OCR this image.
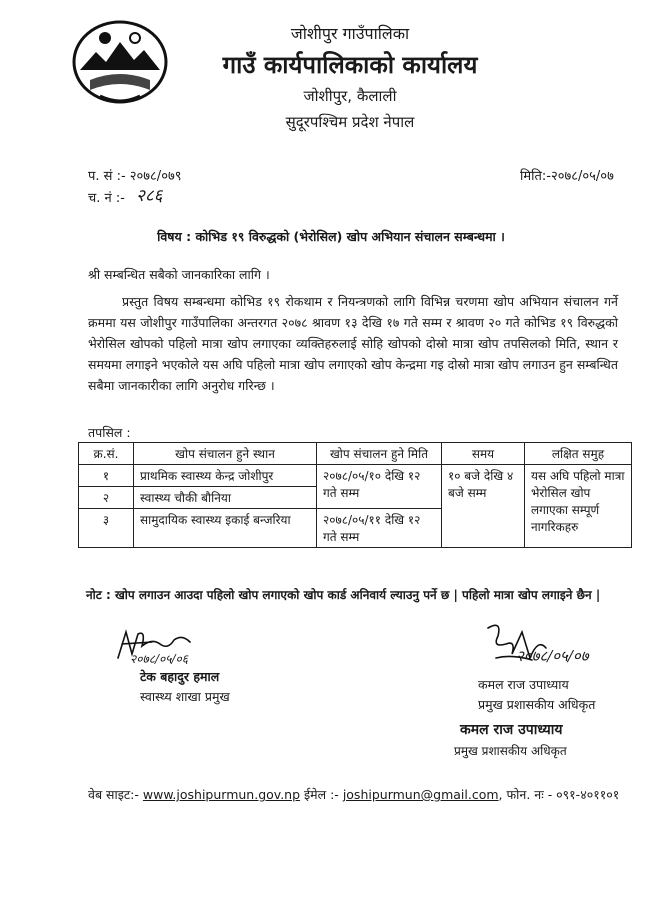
जोशीपुर गाउँपालिका
गाउँ कार्यपालिकाको कार्यालय
जोशीपुर, कैलाली
सुदूरपश्चिम प्रदेश नेपाल
प. सं :- २०७८/०७९
च. नं :- २८६
मिति:-२०७८/०५/०७
विषय : कोभिड १९ विरुद्धको (भेरोसिल) खोप अभियान संचालन सम्बन्धमा ।
श्री सम्बन्धित सबैको जानकारिका लागि ।
प्रस्तुत विषय सम्बन्धमा कोभिड १९ रोकथाम र नियन्त्रणको लागि विभिन्न चरणमा खोप अभियान संचालन गर्ने क्रममा यस जोशीपुर गाउँपालिका अन्तरगत २०७८ श्रावण १३ देखि १७ गते सम्म र श्रावण २० गते कोभिड १९ विरुद्धको भेरोसिल खोपको पहिलो मात्रा खोप लगाएका व्यक्तिहरुलाई सोहि खोपको दोस्रो मात्रा खोप तपसिलको मिति, स्थान र समयमा लगाइने भएकोले यस अघि पहिलो मात्रा खोप लगाएको खोप केन्द्रमा गइ दोस्रो मात्रा खोप लगाउन हुन सम्बन्धित सबैमा जानकारीका लागि अनुरोध गरिन्छ ।
तपसिल :
क्र.सं.	खोप संचालन हुने स्थान	खोप संचालन हुने मिति	समय	लक्षित समुह
१	प्राथमिक स्वास्थ्य केन्द्र जोशीपुर	२०७८/०५/१० देखि १२ गते सम्म	१० बजे देखि ४ बजे सम्म	यस अघि पहिलो मात्रा भेरोसिल खोप लगाएका सम्पूर्ण नागरिकहरु
२	स्वास्थ्य चौकी बौनिया			
३	सामुदायिक स्वास्थ्य इकाई बन्जरिया	२०७८/०५/११ देखि १२ गते सम्म		
नोट : खोप लगाउन आउदा पहिलो खोप लगाएको खोप कार्ड अनिवार्य ल्याउनु पर्ने छ | पहिलो मात्रा खोप लगाइने छैन |
२०७८/०५/०६
टेक बहादुर हमाल
स्वास्थ्य शाखा प्रमुख
२०७८/०५/०७
कमल राज उपाध्याय
प्रमुख प्रशासकीय अधिकृत
कमल राज उपाध्याय
प्रमुख प्रशासकीय अधिकृत
वेब साइट:- www.joshipurmun.gov.np ईमेल :- joshipurmun@gmail.com, फोन. नः - ०९१-४०११०१
